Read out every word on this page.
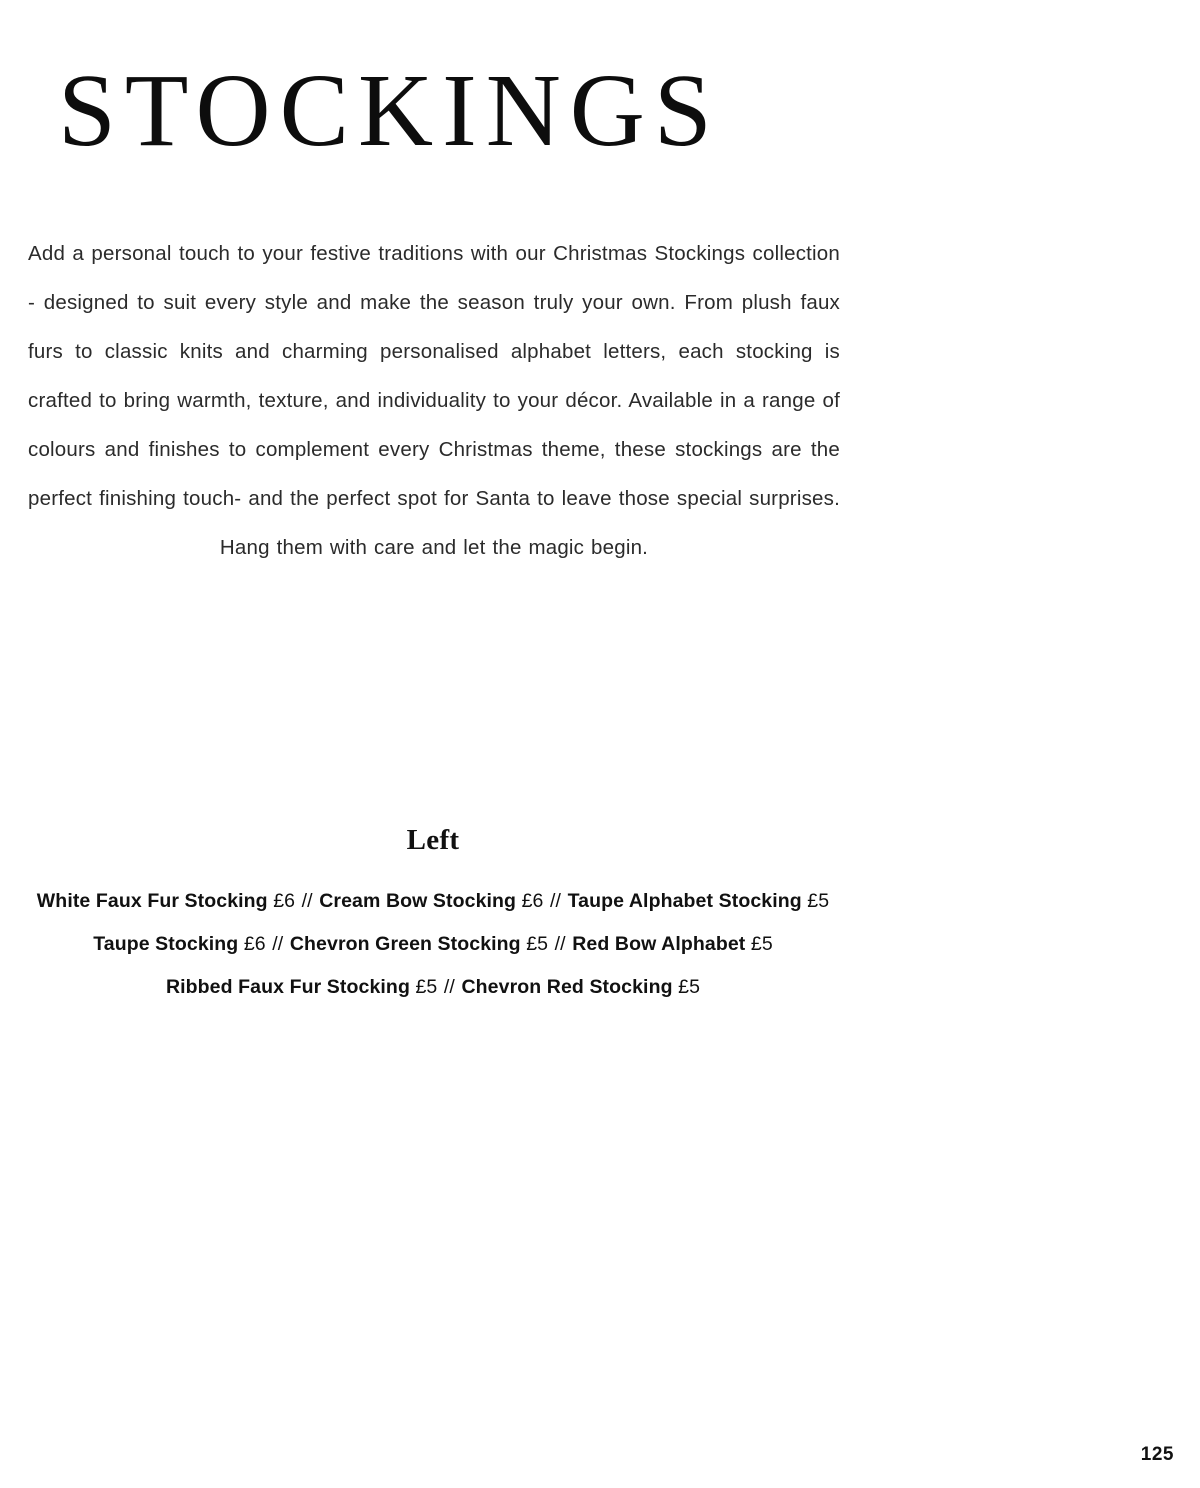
STOCKINGS

Add a personal touch to your festive traditions with our Christmas Stockings collection - designed to suit every style and make the season truly your own. From plush faux furs to classic knits and charming personalised alphabet letters, each stocking is crafted to bring warmth, texture, and individuality to your décor. Available in a range of colours and finishes to complement every Christmas theme, these stockings are the perfect finishing touch- and the perfect spot for Santa to leave those special surprises. Hang them with care and let the magic begin.

Left
White Faux Fur Stocking £6 // Cream Bow Stocking £6 // Taupe Alphabet Stocking £5
Taupe Stocking £6 // Chevron Green Stocking £5 // Red Bow Alphabet £5
Ribbed Faux Fur Stocking £5 // Chevron Red Stocking £5
125
